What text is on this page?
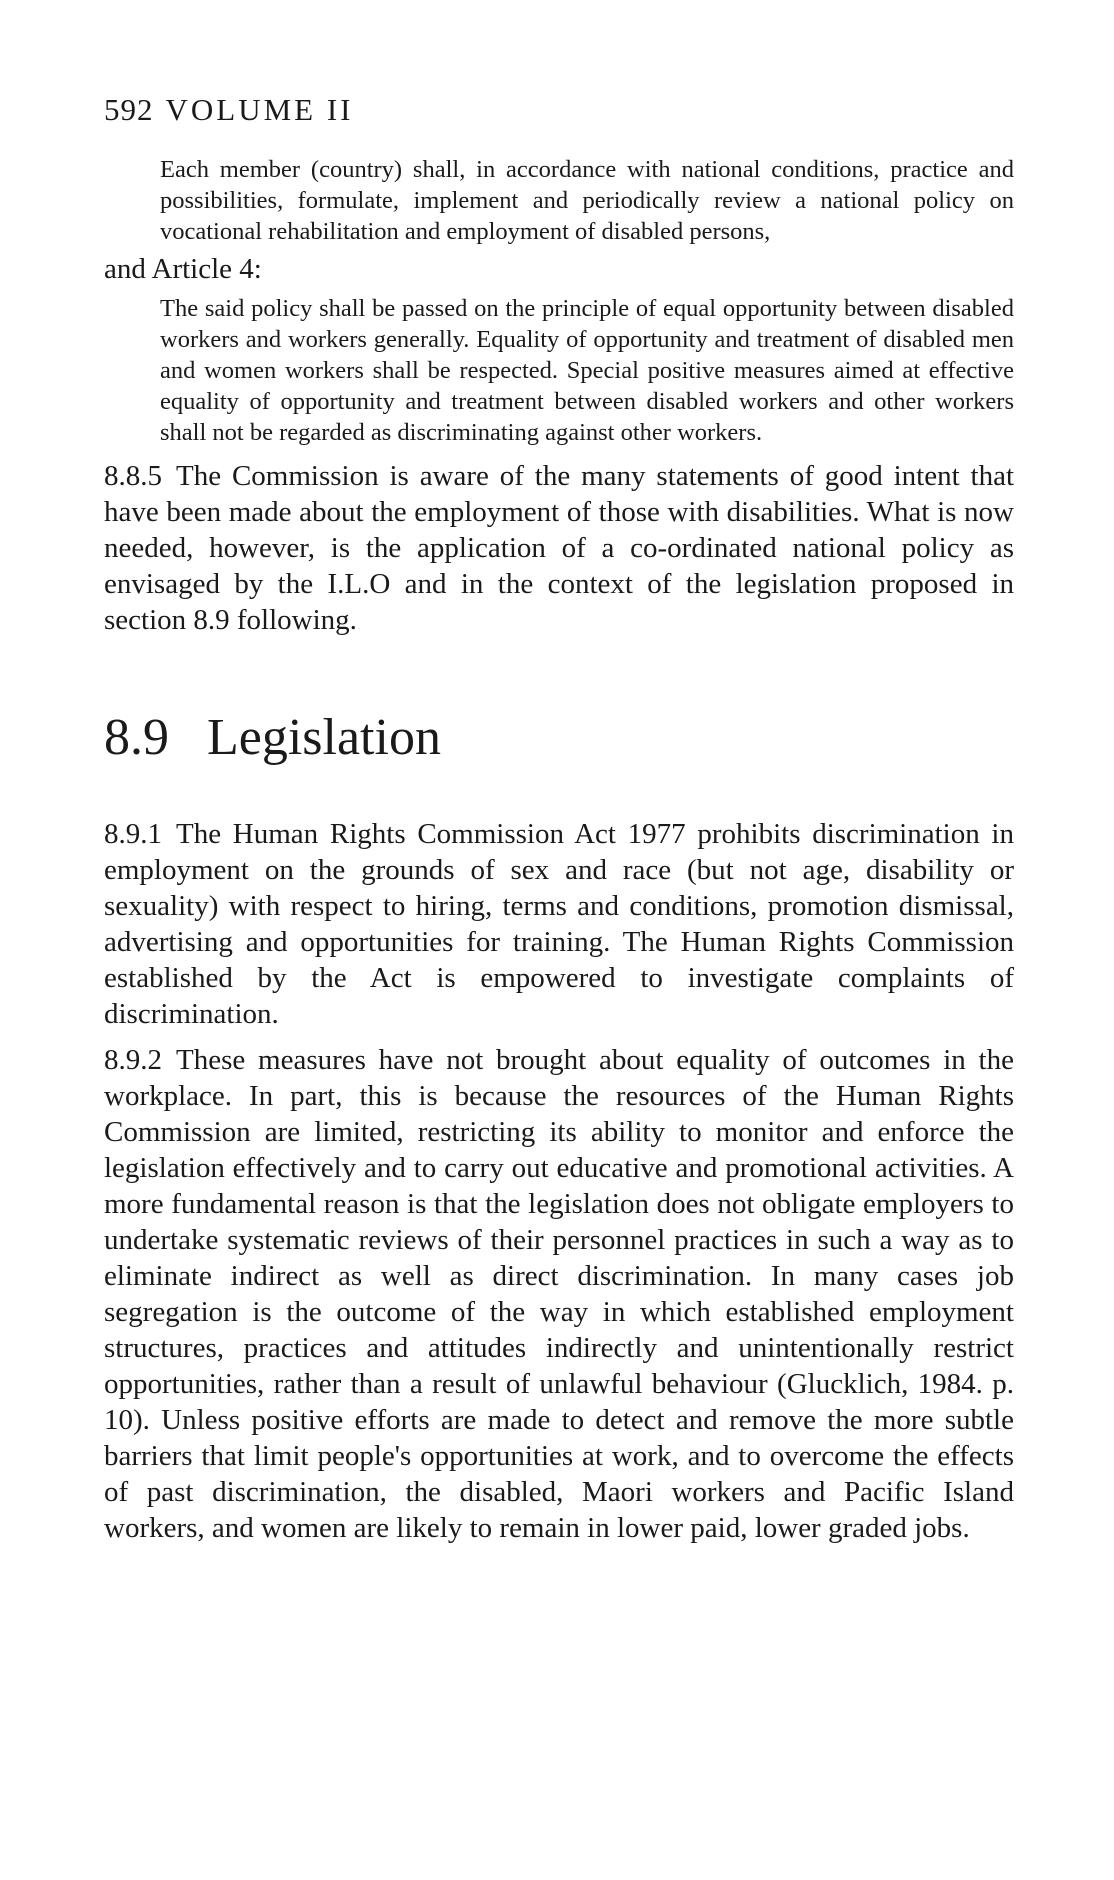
592 VOLUME II

Each member (country) shall, in accordance with national conditions, practice and possibilities, formulate, implement and periodically review a national policy on vocational rehabilitation and employment of disabled persons,

and Article 4:

The said policy shall be passed on the principle of equal opportunity between disabled workers and workers generally. Equality of opportunity and treatment of disabled men and women workers shall be respected. Special positive measures aimed at effective equality of opportunity and treatment between disabled workers and other workers shall not be regarded as discriminating against other workers.

8.8.5 The Commission is aware of the many statements of good intent that have been made about the employment of those with disabilities. What is now needed, however, is the application of a co-ordinated national policy as envisaged by the I.L.O and in the context of the legislation proposed in section 8.9 following.

8.9 Legislation

8.9.1 The Human Rights Commission Act 1977 prohibits discrimination in employment on the grounds of sex and race (but not age, disability or sexuality) with respect to hiring, terms and conditions, promotion dismissal, advertising and opportunities for training. The Human Rights Commission established by the Act is empowered to investigate complaints of discrimination.

8.9.2 These measures have not brought about equality of outcomes in the workplace. In part, this is because the resources of the Human Rights Commission are limited, restricting its ability to monitor and enforce the legislation effectively and to carry out educative and promotional activities. A more fundamental reason is that the legislation does not obligate employers to undertake systematic reviews of their personnel practices in such a way as to eliminate indirect as well as direct discrimination. In many cases job segregation is the outcome of the way in which established employment structures, practices and attitudes indirectly and unintentionally restrict opportunities, rather than a result of unlawful behaviour (Glucklich, 1984. p. 10). Unless positive efforts are made to detect and remove the more subtle barriers that limit people's opportunities at work, and to overcome the effects of past discrimination, the disabled, Maori workers and Pacific Island workers, and women are likely to remain in lower paid, lower graded jobs.
